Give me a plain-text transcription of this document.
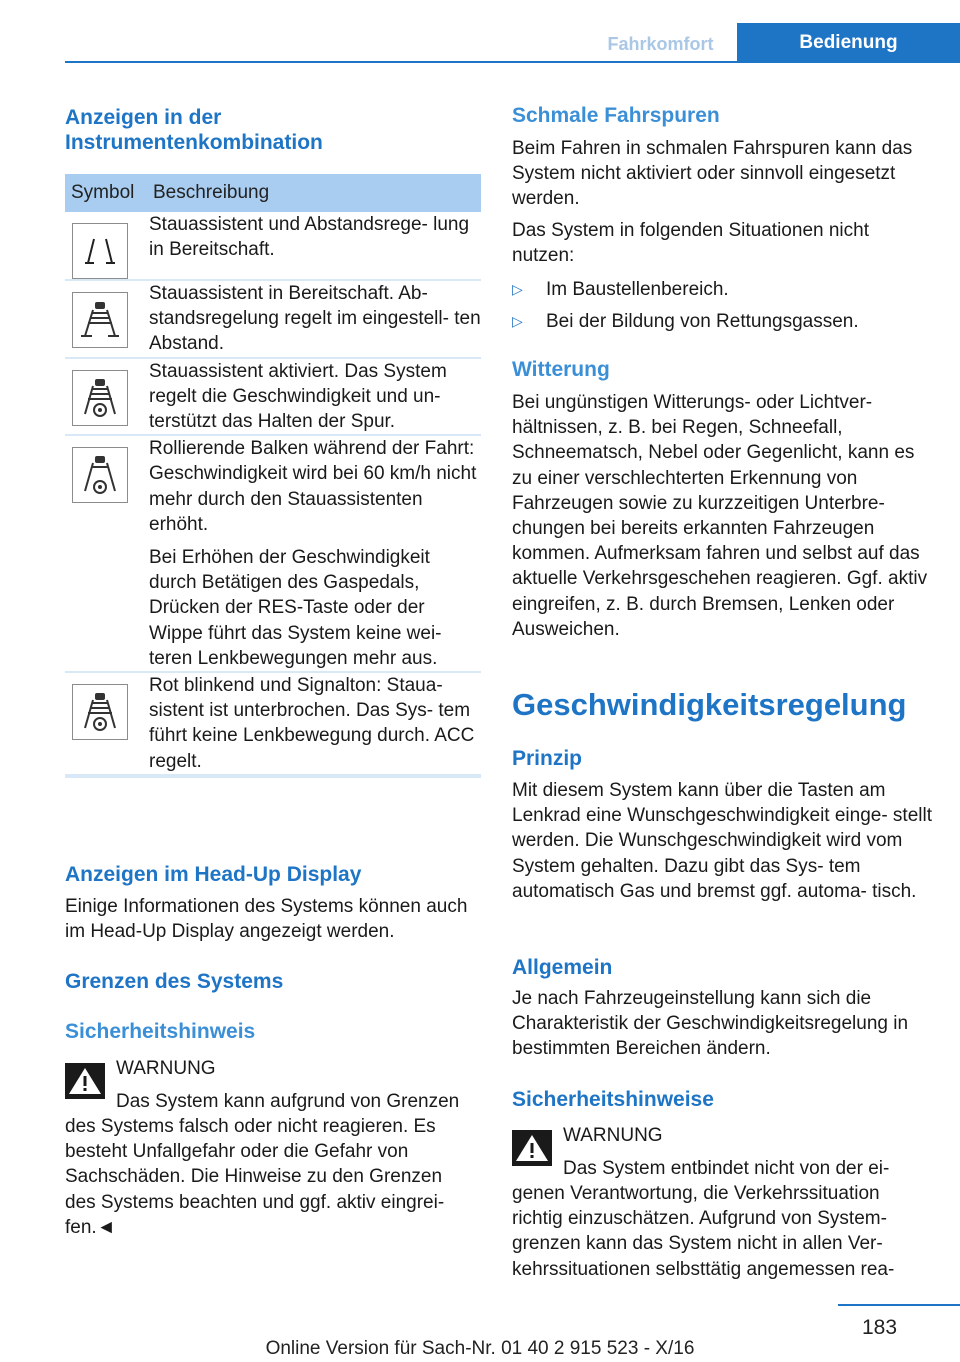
Fahrkomfort	Bedienung
Anzeigen in der Instrumentenkombination
Symbol	Beschreibung

Stauassistent und Abstandsrege- lung in Bereitschaft.

Stauassistent in Bereitschaft. Ab- standsregelung regelt im eingestell- ten Abstand.

Stauassistent aktiviert. Das System regelt die Geschwindigkeit und un- terstützt das Halten der Spur.

Rollierende Balken während der Fahrt: Geschwindigkeit wird bei 60 km/h nicht mehr durch den Stauassistenten erhöht.

Bei Erhöhen der Geschwindigkeit durch Betätigen des Gaspedals, Drücken der RES-Taste oder der Wippe führt das System keine wei- teren Lenkbewegungen mehr aus.

Rot blinkend und Signalton: Staua- sistent ist unterbrochen. Das Sys- tem führt keine Lenkbewegung durch. ACC regelt.

Anzeigen im Head-Up Display

Einige Informationen des Systems können auch im Head-Up Display angezeigt werden.

Grenzen des Systems
Sicherheitshinweis

WARNUNG

Das System kann aufgrund von Grenzen

des Systems falsch oder nicht reagieren. Es besteht Unfallgefahr oder die Gefahr von Sachschäden. Die Hinweise zu den Grenzen des Systems beachten und ggf. aktiv eingrei- fen.◄

Schmale Fahrspuren

Beim Fahren in schmalen Fahrspuren kann das System nicht aktiviert oder sinnvoll eingesetzt werden.

Das System in folgenden Situationen nicht nutzen:

▷ Im Baustellenbereich.
▷ Bei der Bildung von Rettungsgassen.
Witterung

Bei ungünstigen Witterungs- oder Lichtver- hältnissen, z. B. bei Regen, Schneefall, Schneematsch, Nebel oder Gegenlicht, kann es zu einer verschlechterten Erkennung von Fahrzeugen sowie zu kurzzeitigen Unterbre- chungen bei bereits erkannten Fahrzeugen kommen. Aufmerksam fahren und selbst auf das aktuelle Verkehrsgeschehen reagieren. Ggf. aktiv eingreifen, z. B. durch Bremsen, Lenken oder Ausweichen.

Geschwindigkeitsregelung
Prinzip

Mit diesem System kann über die Tasten am Lenkrad eine Wunschgeschwindigkeit einge- stellt werden. Die Wunschgeschwindigkeit wird vom System gehalten. Dazu gibt das Sys- tem automatisch Gas und bremst ggf. automa- tisch.

Allgemein

Je nach Fahrzeugeinstellung kann sich die Charakteristik der Geschwindigkeitsregelung in bestimmten Bereichen ändern.

Sicherheitshinweise

WARNUNG

Das System entbindet nicht von der ei-

genen Verantwortung, die Verkehrssituation richtig einzuschätzen. Aufgrund von System- grenzen kann das System nicht in allen Ver- kehrssituationen selbsttätig angemessen rea-

183
Online Version für Sach-Nr. 01 40 2 915 523 - X/16
